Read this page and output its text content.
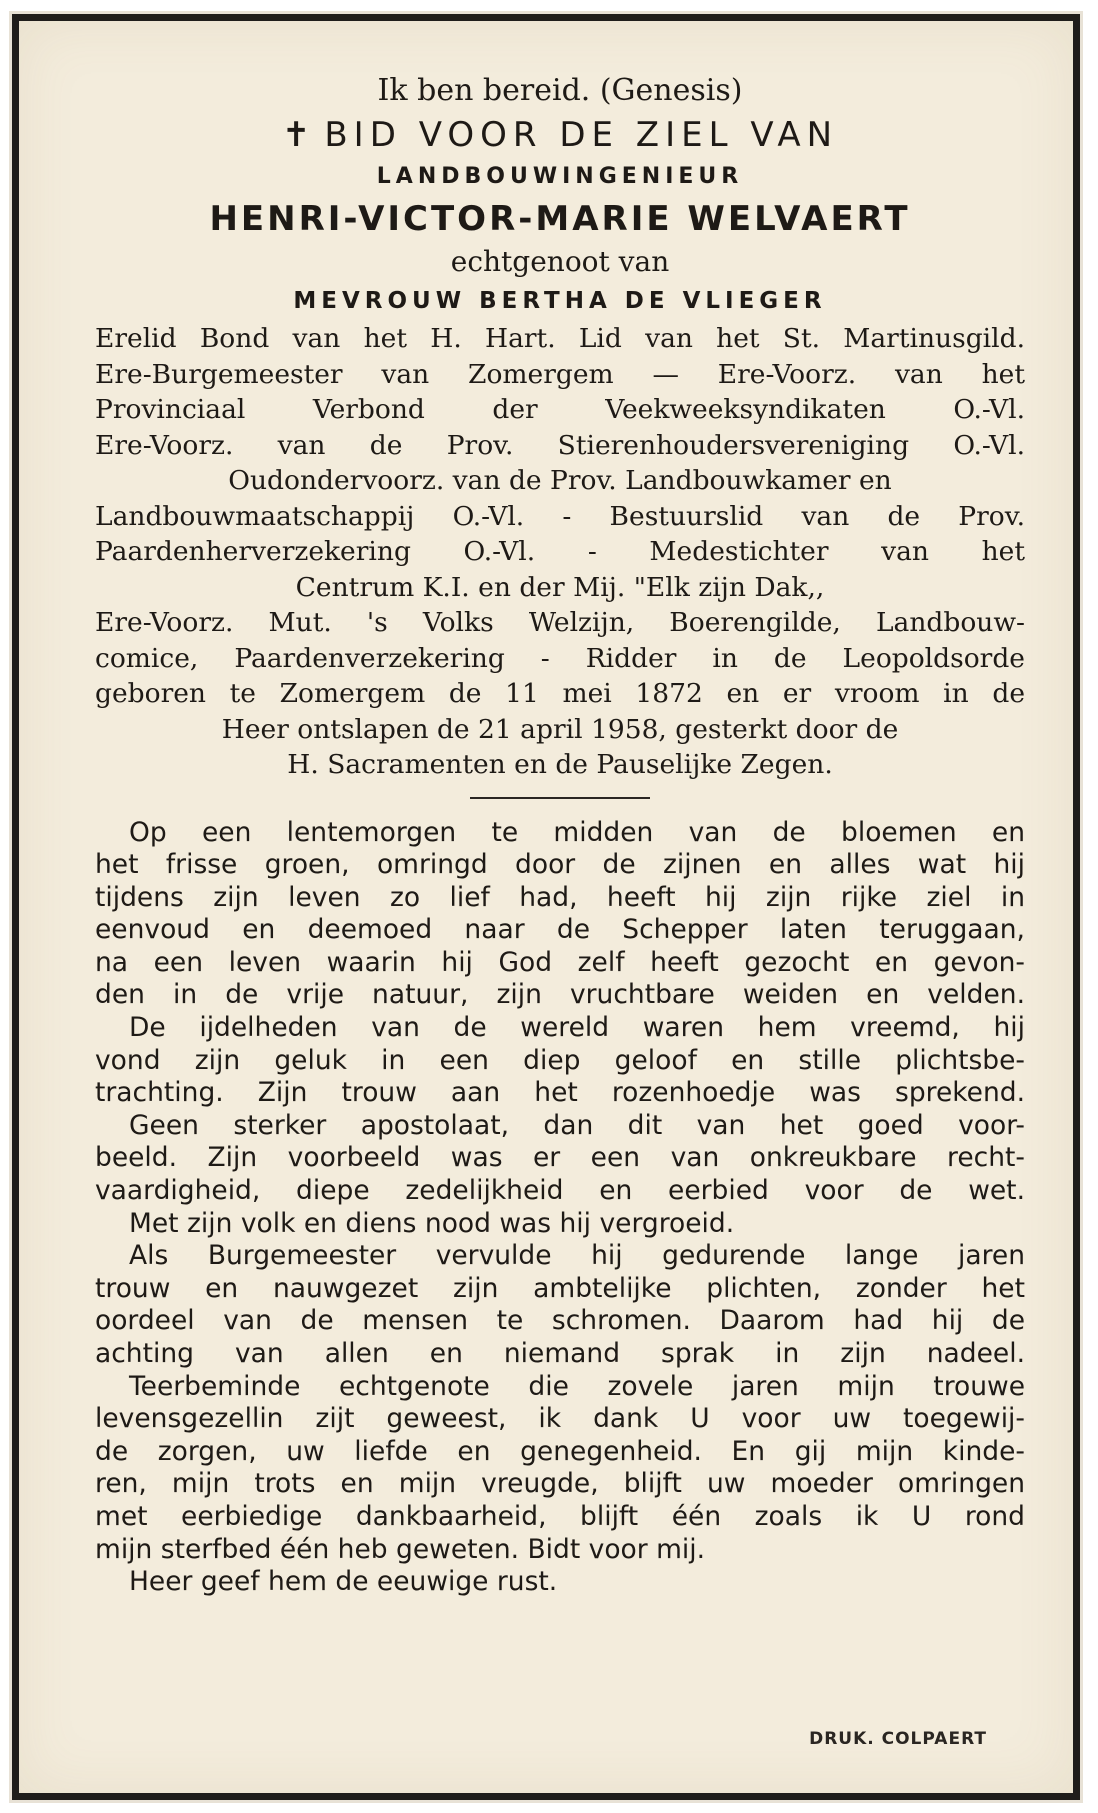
Ik ben bereid. (Genesis)

✝ BID VOOR DE ZIEL VAN

LANDBOUWINGENIEUR

HENRI-VICTOR-MARIE WELVAERT

echtgenoot van

MEVROUW BERTHA DE VLIEGER

Erelid Bond van het H. Hart. Lid van het St. Martinusgild.

Ere-Burgemeester van Zomergem — Ere-Voorz. van het

Provinciaal Verbond der Veekweeksyndikaten O.-Vl.

Ere-Voorz. van de Prov. Stierenhoudersvereniging O.-Vl.

Oudondervoorz. van de Prov. Landbouwkamer en

Landbouwmaatschappij O.-Vl. - Bestuurslid van de Prov.

Paardenherverzekering O.-Vl. - Medestichter van het

Centrum K.I. en der Mij. "Elk zijn Dak,,

Ere-Voorz. Mut. 's Volks Welzijn, Boerengilde, Landbouw-

comice, Paardenverzekering - Ridder in de Leopoldsorde

geboren te Zomergem de 11 mei 1872 en er vroom in de

Heer ontslapen de 21 april 1958, gesterkt door de

H. Sacramenten en de Pauselijke Zegen.

Op een lentemorgen te midden van de bloemen en

het frisse groen, omringd door de zijnen en alles wat hij

tijdens zijn leven zo lief had, heeft hij zijn rijke ziel in

eenvoud en deemoed naar de Schepper laten teruggaan,

na een leven waarin hij God zelf heeft gezocht en gevon-

den in de vrije natuur, zijn vruchtbare weiden en velden.

De ijdelheden van de wereld waren hem vreemd, hij

vond zijn geluk in een diep geloof en stille plichtsbe-

trachting. Zijn trouw aan het rozenhoedje was sprekend.

Geen sterker apostolaat, dan dit van het goed voor-

beeld. Zijn voorbeeld was er een van onkreukbare recht-

vaardigheid, diepe zedelijkheid en eerbied voor de wet.

Met zijn volk en diens nood was hij vergroeid.

Als Burgemeester vervulde hij gedurende lange jaren

trouw en nauwgezet zijn ambtelijke plichten, zonder het

oordeel van de mensen te schromen. Daarom had hij de

achting van allen en niemand sprak in zijn nadeel.

Teerbeminde echtgenote die zovele jaren mijn trouwe

levensgezellin zijt geweest, ik dank U voor uw toegewij-

de zorgen, uw liefde en genegenheid. En gij mijn kinde-

ren, mijn trots en mijn vreugde, blijft uw moeder omringen

met eerbiedige dankbaarheid, blijft één zoals ik U rond

mijn sterfbed één heb geweten. Bidt voor mij.

Heer geef hem de eeuwige rust.

DRUK. COLPAERT
